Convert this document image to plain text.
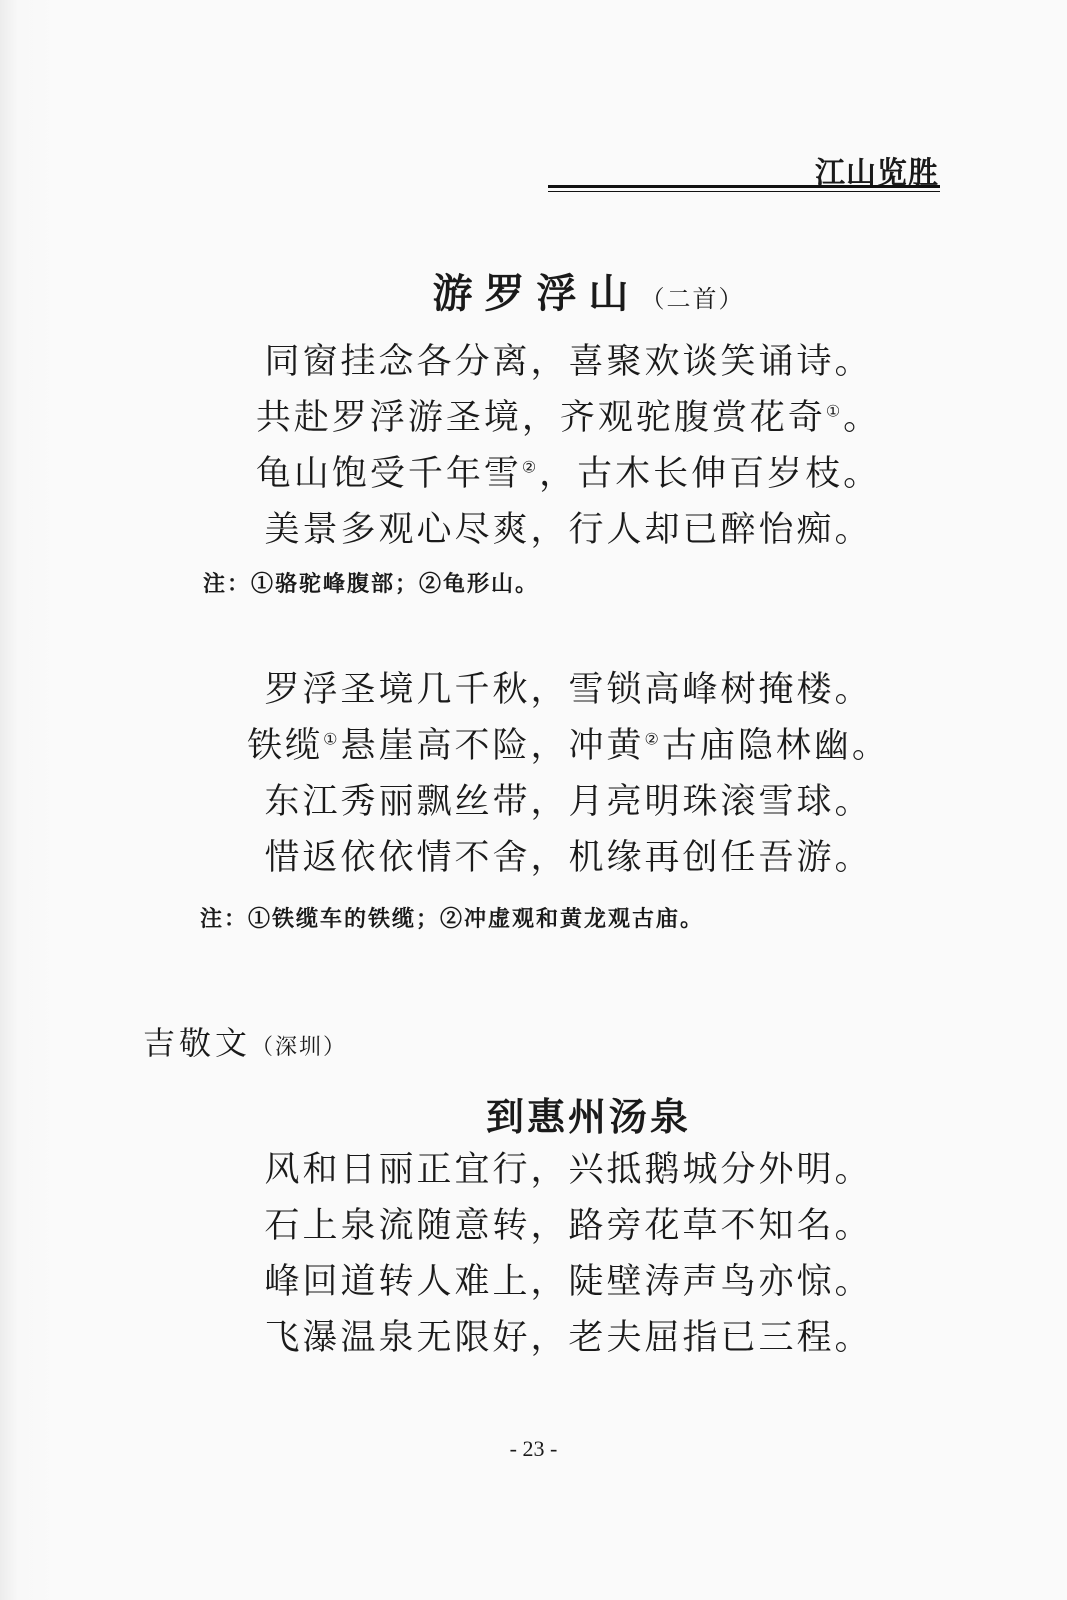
江山览胜
游罗浮山（二首）
同窗挂念各分离，喜聚欢谈笑诵诗。
共赴罗浮游圣境，齐观驼腹赏花奇①。
龟山饱受千年雪②，古木长伸百岁枝。
美景多观心尽爽，行人却已醉怡痴。
注：①骆驼峰腹部；②龟形山。
罗浮圣境几千秋，雪锁高峰树掩楼。
铁缆①悬崖高不险，冲黄②古庙隐林幽。
东江秀丽飘丝带，月亮明珠滚雪球。
惜返依依情不舍，机缘再创任吾游。
注：①铁缆车的铁缆；②冲虚观和黄龙观古庙。
吉敬文（深圳）
到惠州汤泉
风和日丽正宜行，兴抵鹅城分外明。
石上泉流随意转，路旁花草不知名。
峰回道转人难上，陡壁涛声鸟亦惊。
飞瀑温泉无限好，老夫屈指已三程。
- 23 -
